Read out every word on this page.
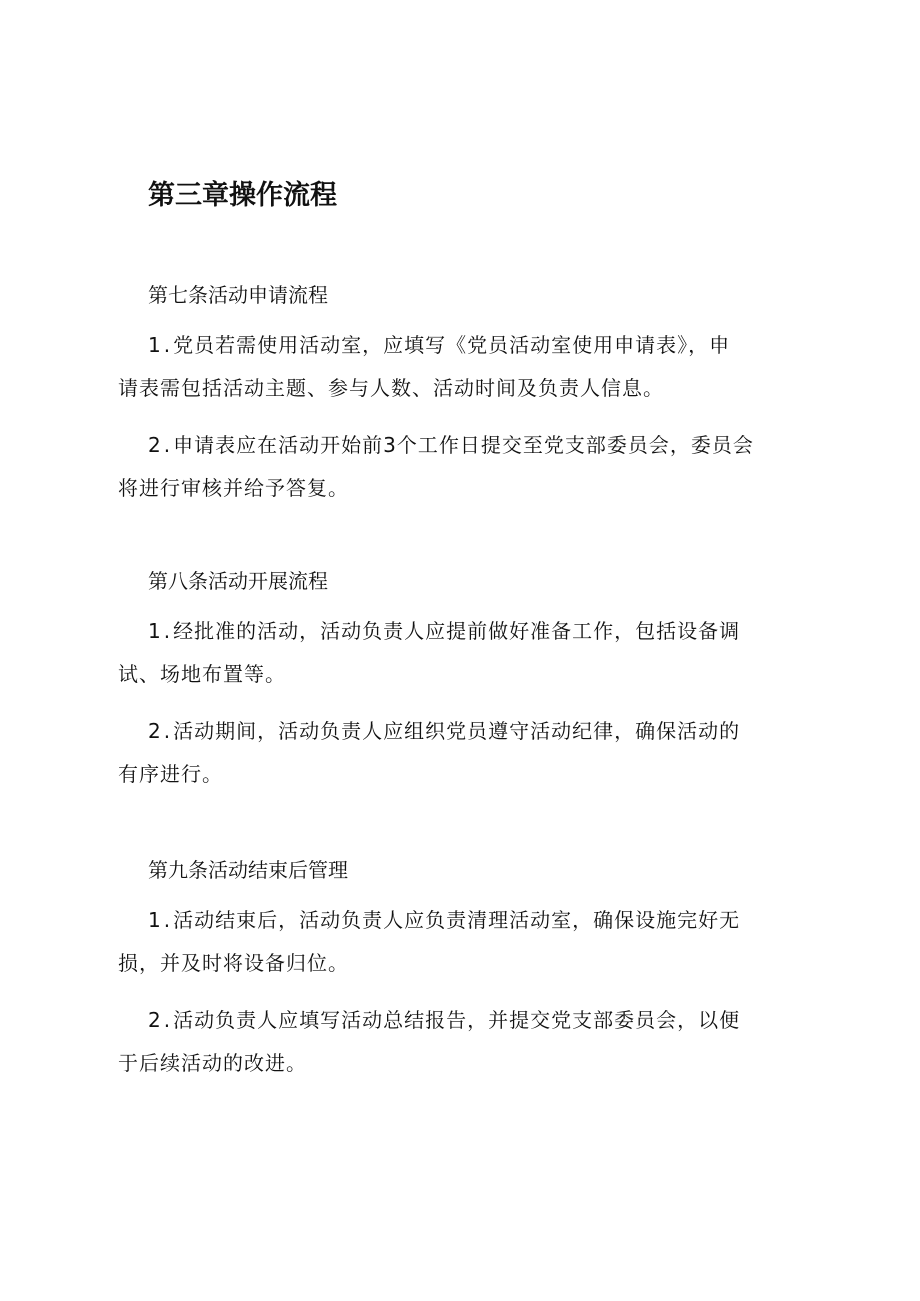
第三章操作流程

第七条活动申请流程

1 . 党员若需使用活动室，应填写《党员活动室使用申请表》，申
请表需包括活动主题、参与人数、活动时间及负责人信息。
2 . 申请表应在活动开始前3个工作日提交至党支部委员会，委员会
将进行审核并给予答复。

第八条活动开展流程

1 . 经批准的活动，活动负责人应提前做好准备工作，包括设备调
试、场地布置等。
2 . 活动期间，活动负责人应组织党员遵守活动纪律，确保活动的
有序进行。

第九条活动结束后管理

1 . 活动结束后，活动负责人应负责清理活动室，确保设施完好无
损，并及时将设备归位。
2 . 活动负责人应填写活动总结报告，并提交党支部委员会，以便
于后续活动的改进。
